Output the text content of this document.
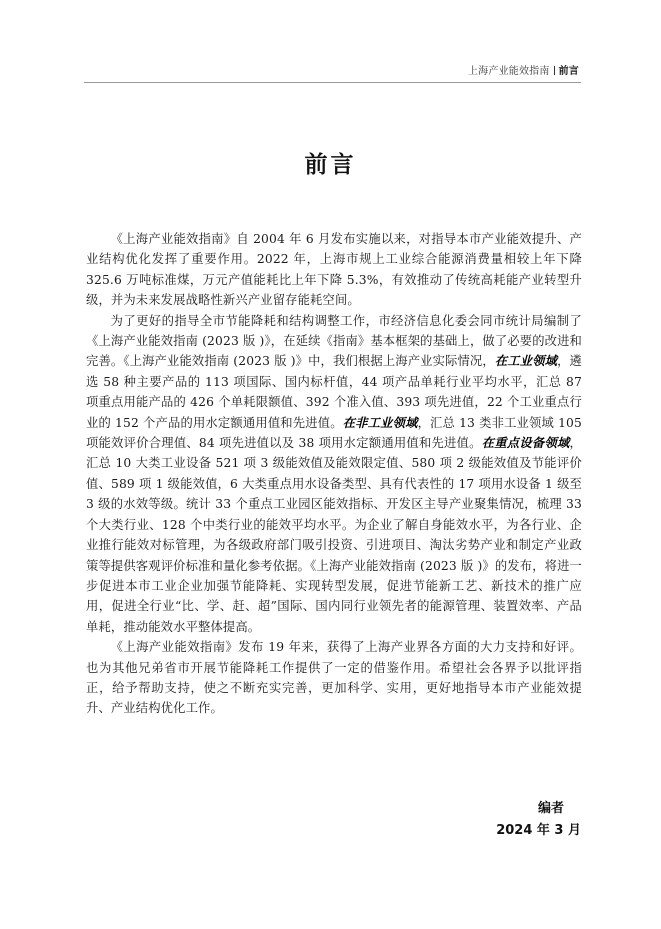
上海产业能效指南 前言
前言

《上海产业能效指南》自 2004 年 6 月发布实施以来，对指导本市产业能效提升、产业结构优化发挥了重要作用。2022 年，上海市规上工业综合能源消费量相较上年下降 325.6 万吨标准煤，万元产值能耗比上年下降 5.3%，有效推动了传统高耗能产业转型升级，并为未来发展战略性新兴产业留存能耗空间。

为了更好的指导全市节能降耗和结构调整工作，市经济信息化委会同市统计局编制了《上海产业能效指南 (2023 版 )》，在延续《指南》基本框架的基础上，做了必要的改进和完善。《上海产业能效指南 (2023 版 )》中，我们根据上海产业实际情况，在工业领域，遴选 58 种主要产品的 113 项国际、国内标杆值，44 项产品单耗行业平均水平，汇总 87 项重点用能产品的 426 个单耗限额值、392 个准入值、393 项先进值，22 个工业重点行业的 152 个产品的用水定额通用值和先进值。在非工业领域，汇总 13 类非工业领域 105 项能效评价合理值、84 项先进值以及 38 项用水定额通用值和先进值。在重点设备领域，汇总 10 大类工业设备 521 项 3 级能效值及能效限定值、580 项 2 级能效值及节能评价值、589 项 1 级能效值，6 大类重点用水设备类型、具有代表性的 17 项用水设备 1 级至 3 级的水效等级。统计 33 个重点工业园区能效指标、开发区主导产业聚集情况，梳理 33 个大类行业、128 个中类行业的能效平均水平。为企业了解自身能效水平，为各行业、企业推行能效对标管理，为各级政府部门吸引投资、引进项目、淘汰劣势产业和制定产业政策等提供客观评价标准和量化参考依据。《上海产业能效指南 (2023 版 )》的发布，将进一步促进本市工业企业加强节能降耗、实现转型发展，促进节能新工艺、新技术的推广应用，促进全行业“比、学、赶、超”国际、国内同行业领先者的能源管理、装置效率、产品单耗，推动能效水平整体提高。

《上海产业能效指南》发布 19 年来，获得了上海产业界各方面的大力支持和好评。也为其他兄弟省市开展节能降耗工作提供了一定的借鉴作用。希望社会各界予以批评指正，给予帮助支持，使之不断充实完善，更加科学、实用，更好地指导本市产业能效提升、产业结构优化工作。

编者
2024 年 3 月
